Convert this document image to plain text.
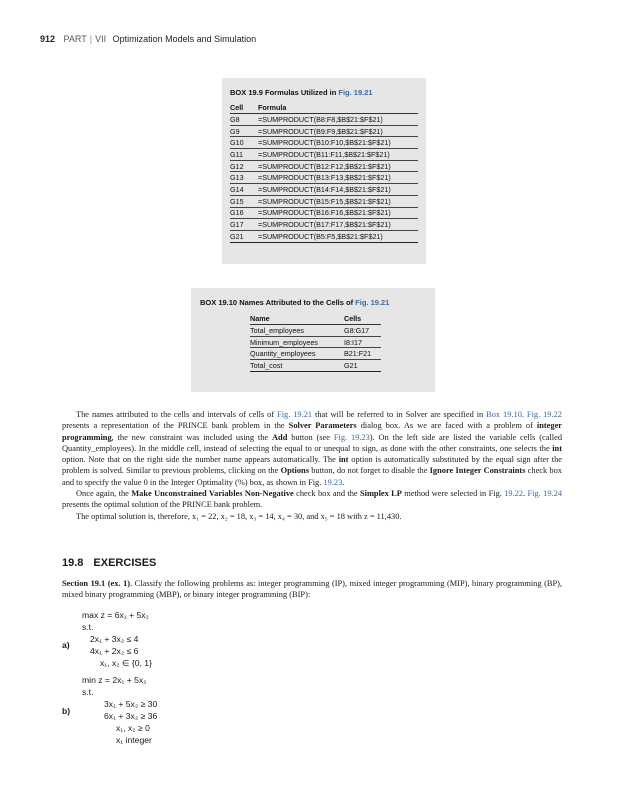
912 PART | VII Optimization Models and Simulation
BOX 19.9 Formulas Utilized in Fig. 19.21
Cell	Formula
G8	=SUMPRODUCT(B8:F8,$B$21:$F$21)
G9	=SUMPRODUCT(B9:F9,$B$21:$F$21)
G10	=SUMPRODUCT(B10:F10,$B$21:$F$21)
G11	=SUMPRODUCT(B11:F11,$B$21:$F$21)
G12	=SUMPRODUCT(B12:F12,$B$21:$F$21)
G13	=SUMPRODUCT(B13:F13,$B$21:$F$21)
G14	=SUMPRODUCT(B14:F14,$B$21:$F$21)
G15	=SUMPRODUCT(B15:F15,$B$21:$F$21)
G16	=SUMPRODUCT(B16:F16,$B$21:$F$21)
G17	=SUMPRODUCT(B17:F17,$B$21:$F$21)
G21	=SUMPRODUCT(B5:F5,$B$21:$F$21)
BOX 19.10 Names Attributed to the Cells of Fig. 19.21
Name	Cells
Total_employees	G8:G17
Minimum_employees	I8:I17
Quantity_employees	B21:F21
Total_cost	G21

The names attributed to the cells and intervals of cells of Fig. 19.21 that will be referred to in Solver are specified in Box 19.10. Fig. 19.22 presents a representation of the PRINCE bank problem in the Solver Parameters dialog box. As we are faced with a problem of integer programming, the new constraint was included using the Add button (see Fig. 19.23). On the left side are listed the variable cells (called Quantity_employees). In the middle cell, instead of selecting the equal to or unequal to sign, as done with the other constraints, one selects the int option. Note that on the right side the number name appears automatically. The int option is automatically substituted by the equal sign after the problem is solved. Similar to previous problems, clicking on the Options button, do not forget to disable the Ignore Integer Constraints check box and to specify the value 0 in the Integer Optimality (%) box, as shown in Fig. 19.23.

Once again, the Make Unconstrained Variables Non-Negative check box and the Simplex LP method were selected in Fig. 19.22. Fig. 19.24 presents the optimal solution of the PRINCE bank problem.

The optimal solution is, therefore, x₁ = 22, x₂ = 18, x₃ = 14, x₄ = 30, and x₅ = 18 with z = 11,430.

19.8 EXERCISES

Section 19.1 (ex. 1). Classify the following problems as: integer programming (IP), mixed integer programming (MIP), binary programming (BP), mixed binary programming (MBP), or binary integer programming (BIP):

max z = 6x₁ + 5x₂
s.t.
a)
2x₁ + 3x₂ ≤ 4
4x₁ + 2x₂ ≤ 6
x₁, x₂ ∈ {0, 1}
min z = 2x₁ + 5x₂
s.t.
b)
3x₁ + 5x₂ ≥ 30
6x₁ + 3x₂ ≥ 36
x₁, x₂ ≥ 0
x₁ integer
